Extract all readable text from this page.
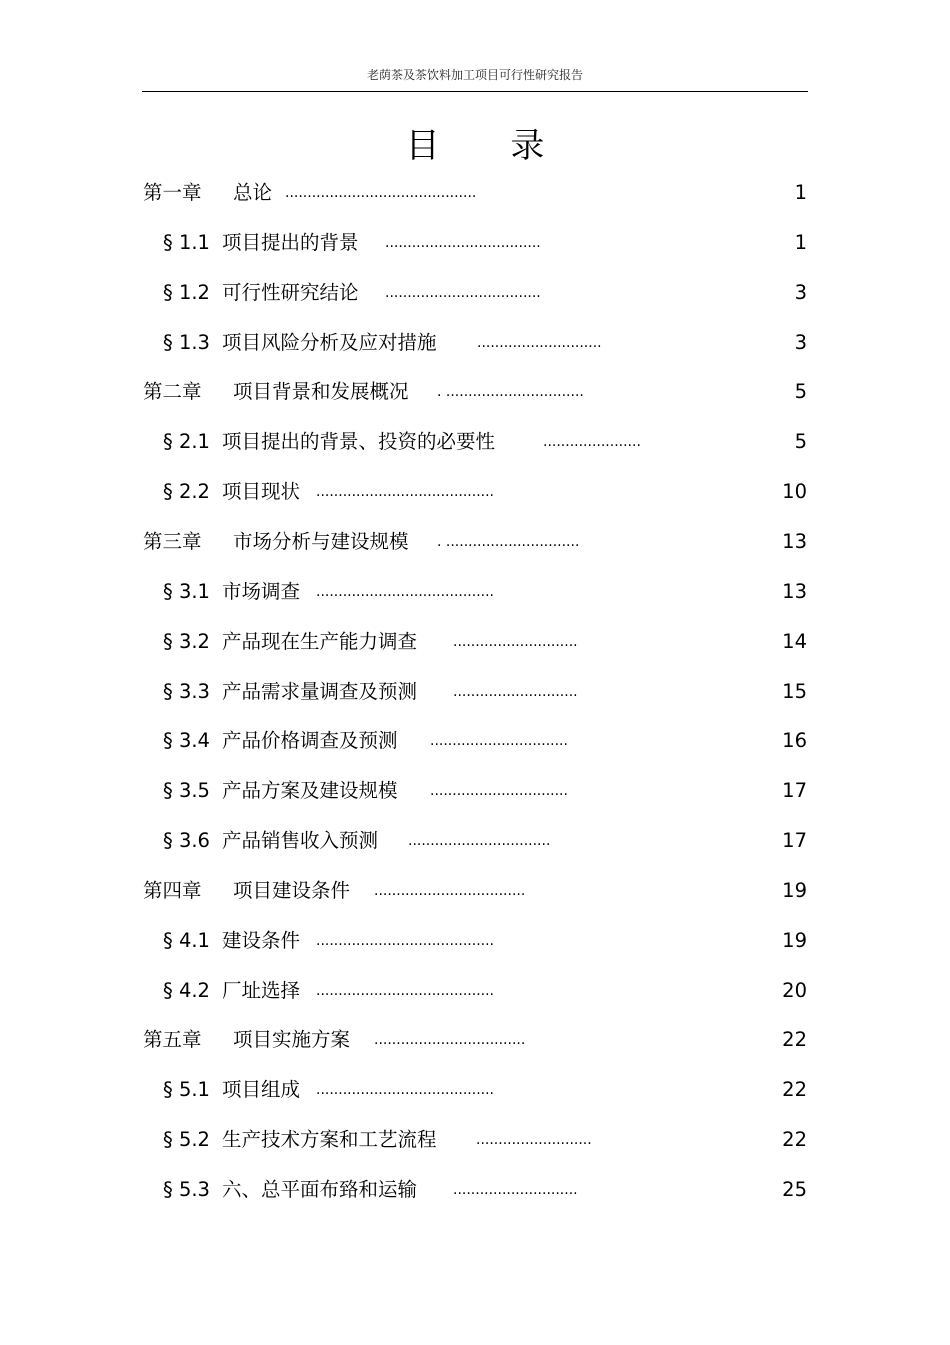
老荫茶及茶饮料加工项目可行性研究报告
目 录
第一章 总论 ...........................................	1
§ 1.1 项目提出的背景 ...................................	1
§ 1.2 可行性研究结论 ...................................	3
§ 1.3 项目风险分析及应对措施	............................	3
第二章 项目背景和发展概况 . ...............................	5
§ 2.1 项目提出的背景、投资的必要性	......................	5
§ 2.2 项目现状 ........................................	10
第三章 市场分析与建设规模 . ..............................	13
§ 3.1 市场调查 ........................................	13
§ 3.2 产品现在生产能力调查	............................	14
§ 3.3 产品需求量调查及预测	............................	15
§ 3.4 产品价格调查及预测 ...............................	16
§ 3.5 产品方案及建设规模 ...............................	17
§ 3.6 产品销售收入预测 ................................	17
第四章 项目建设条件 ..................................	19
§ 4.1 建设条件 ........................................	19
§ 4.2 厂址选择 ........................................	20
第五章 项目实施方案 ..................................	22
§ 5.1 项目组成 ........................................	22
§ 5.2 生产技术方案和工艺流程	..........................	22
§ 5.3 六、总平面布臵和运输	............................	25
